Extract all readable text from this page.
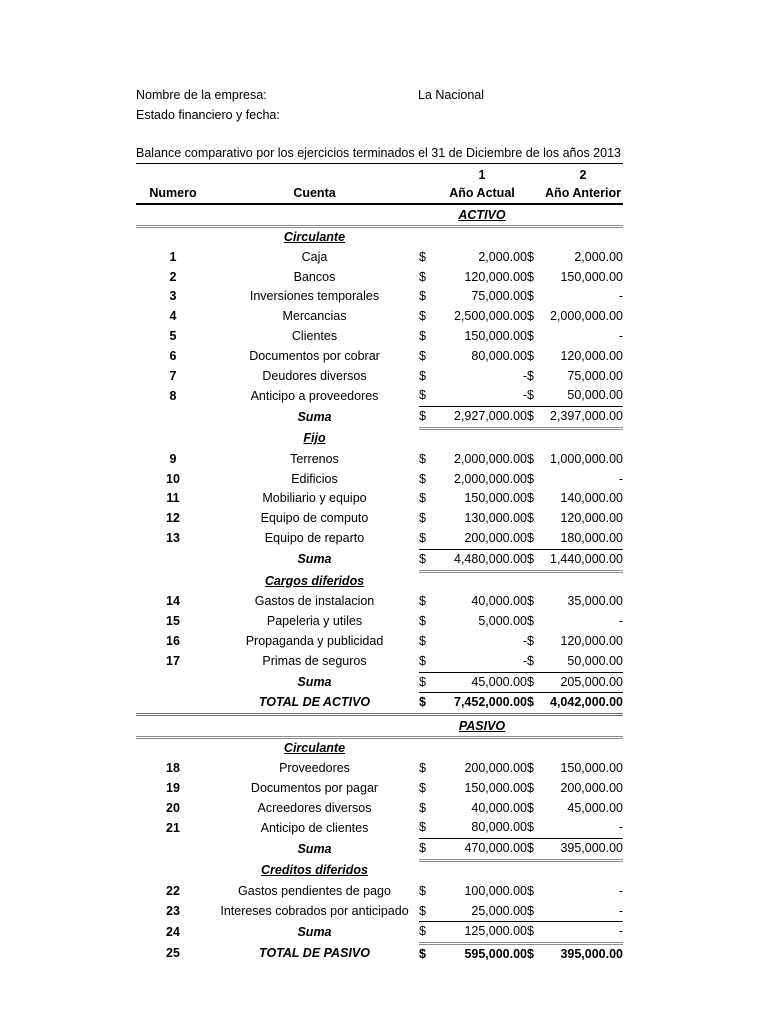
Nombre de la empresa:	La Nacional
Estado financiero y fecha:
Balance comparativo por los ejercicios terminados el 31 de Diciembre de los años 2013
			1		2
Numero	Cuenta		Año Actual		Año Anterior
			ACTIVO		
	Circulante				
1	Caja	$	2,000.00	$	2,000.00
2	Bancos	$	120,000.00	$	150,000.00
3	Inversiones temporales	$	75,000.00	$	-
4	Mercancias	$	2,500,000.00	$	2,000,000.00
5	Clientes	$	150,000.00	$	-
6	Documentos por cobrar	$	80,000.00	$	120,000.00
7	Deudores diversos	$	-	$	75,000.00
8	Anticipo a proveedores	$	-	$	50,000.00
	Suma	$	2,927,000.00	$	2,397,000.00
	Fijo				
9	Terrenos	$	2,000,000.00	$	1,000,000.00
10	Edificios	$	2,000,000.00	$	-
11	Mobiliario y equipo	$	150,000.00	$	140,000.00
12	Equipo de computo	$	130,000.00	$	120,000.00
13	Equipo de reparto	$	200,000.00	$	180,000.00
	Suma	$	4,480,000.00	$	1,440,000.00
	Cargos diferidos				
14	Gastos de instalacion	$	40,000.00	$	35,000.00
15	Papeleria y utiles	$	5,000.00	$	-
16	Propaganda y publicidad	$	-	$	120,000.00
17	Primas de seguros	$	-	$	50,000.00
	Suma	$	45,000.00	$	205,000.00
	TOTAL DE ACTIVO	$	7,452,000.00	$	4,042,000.00
			PASIVO		
	Circulante				
18	Proveedores	$	200,000.00	$	150,000.00
19	Documentos por pagar	$	150,000.00	$	200,000.00
20	Acreedores diversos	$	40,000.00	$	45,000.00
21	Anticipo de clientes	$	80,000.00	$	-
	Suma	$	470,000.00	$	395,000.00
	Creditos diferidos				
22	Gastos pendientes de pago	$	100,000.00	$	-
23	Intereses cobrados por anticipado	$	25,000.00	$	-
24	Suma	$	125,000.00	$	-
25	TOTAL DE PASIVO	$	595,000.00	$	395,000.00
